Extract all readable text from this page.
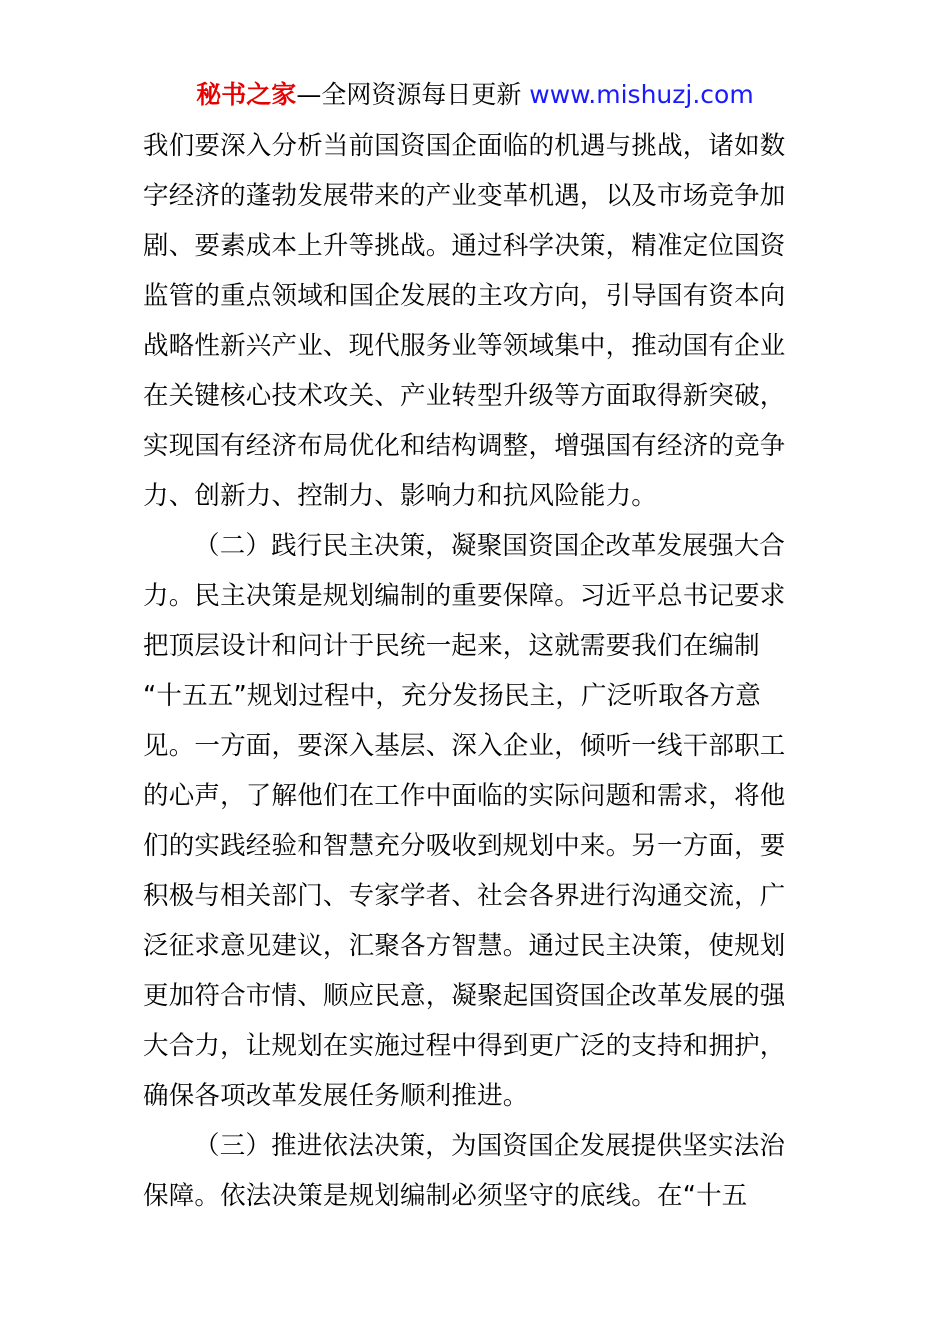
秘书之家—全网资源每日更新 www.mishuzj.com
我们要深入分析当前国资国企面临的机遇与挑战，诸如数
字经济的蓬勃发展带来的产业变革机遇，以及市场竞争加
剧、要素成本上升等挑战。通过科学决策，精准定位国资
监管的重点领域和国企发展的主攻方向，引导国有资本向
战略性新兴产业、现代服务业等领域集中，推动国有企业
在关键核心技术攻关、产业转型升级等方面取得新突破，
实现国有经济布局优化和结构调整，增强国有经济的竞争
力、创新力、控制力、影响力和抗风险能力。
（二）践行民主决策，凝聚国资国企改革发展强大合
力。民主决策是规划编制的重要保障。习近平总书记要求
把顶层设计和问计于民统一起来，这就需要我们在编制
“十五五”规划过程中，充分发扬民主，广泛听取各方意
见。一方面，要深入基层、深入企业，倾听一线干部职工
的心声，了解他们在工作中面临的实际问题和需求，将他
们的实践经验和智慧充分吸收到规划中来。另一方面，要
积极与相关部门、专家学者、社会各界进行沟通交流，广
泛征求意见建议，汇聚各方智慧。通过民主决策，使规划
更加符合市情、顺应民意，凝聚起国资国企改革发展的强
大合力，让规划在实施过程中得到更广泛的支持和拥护，
确保各项改革发展任务顺利推进。
（三）推进依法决策，为国资国企发展提供坚实法治
保障。依法决策是规划编制必须坚守的底线。在“十五
